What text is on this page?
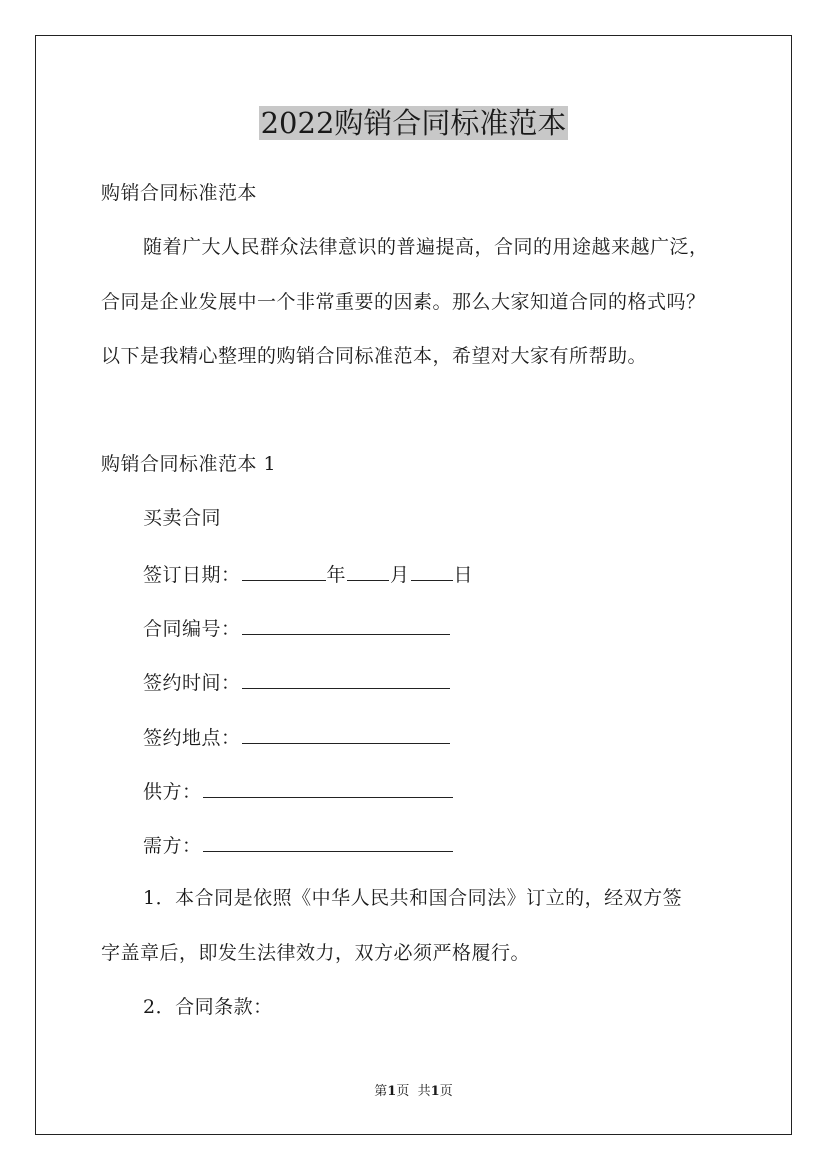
2022购销合同标准范本
购销合同标准范本
随着广大人民群众法律意识的普遍提高，合同的用途越来越广泛，
合同是企业发展中一个非常重要的因素。那么大家知道合同的格式吗？
以下是我精心整理的购销合同标准范本，希望对大家有所帮助。
购销合同标准范本 1
买卖合同
签订日期：	年 月 日
合同编号：
签约时间：
签约地点：
供方：
需方：
1．本合同是依照《中华人民共和国合同法》订立的，经双方签
字盖章后，即发生法律效力，双方必须严格履行。
2．合同条款：
第1页 共1页
